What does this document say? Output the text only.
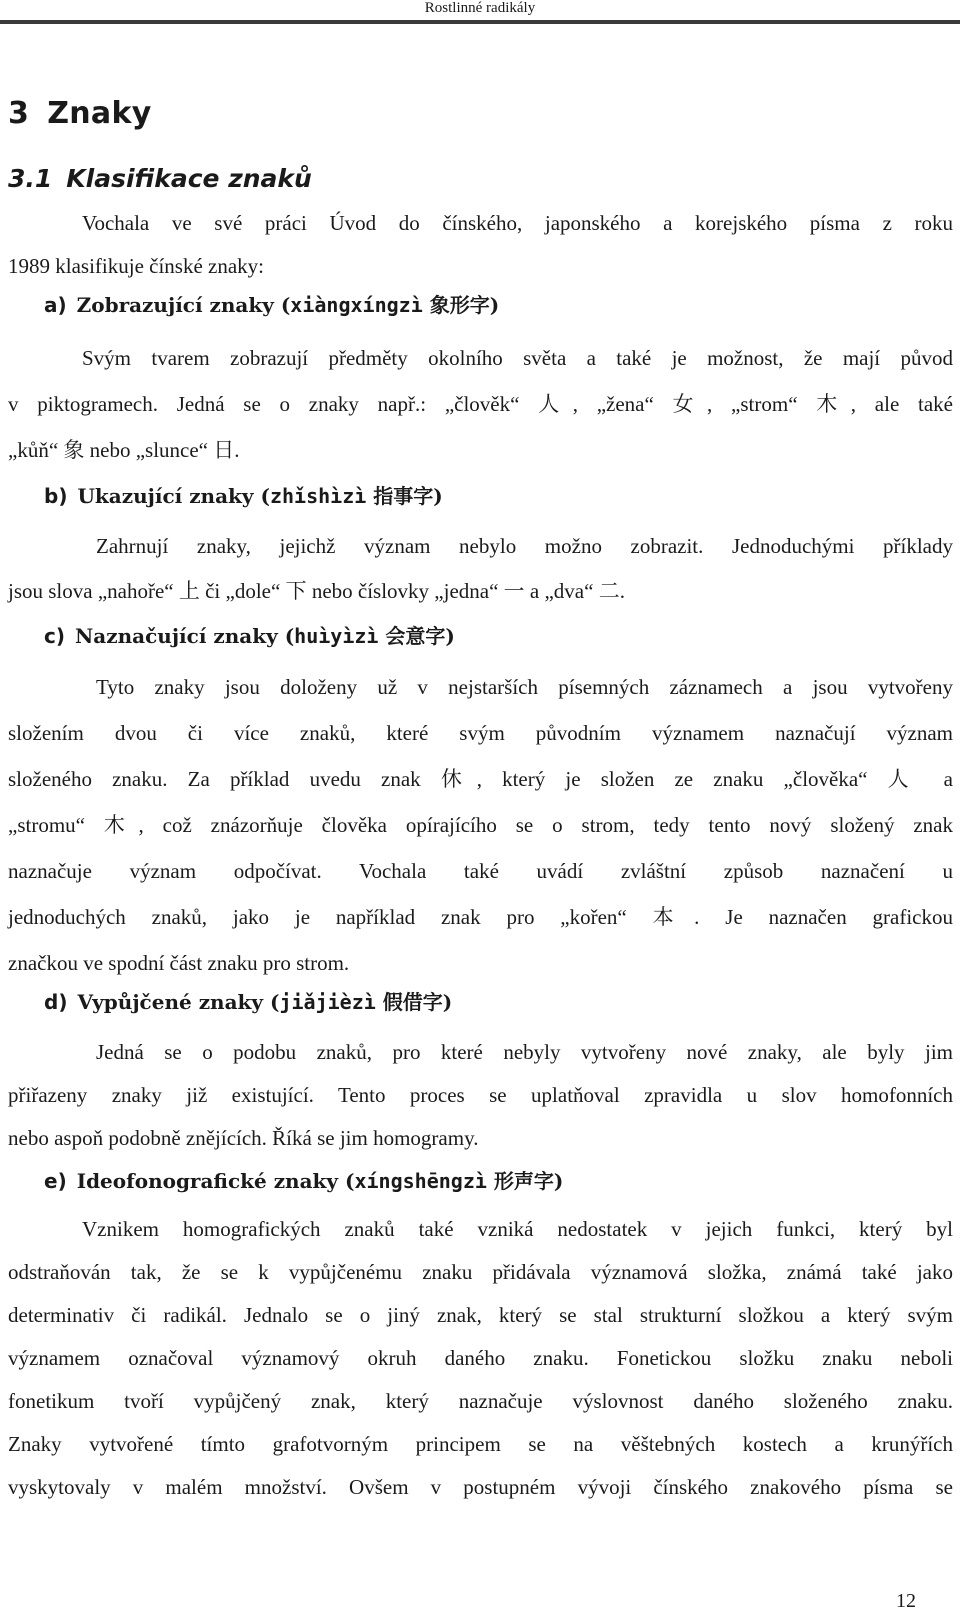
Rostlinné radikály
3 Znaky
3.1 Klasifikace znaků
Vochala ve své práci Úvod do čínského, japonského a korejského písma z roku
1989 klasifikuje čínské znaky:
a) Zobrazující znaky (xiàngxíngzì 象形字)
Svým tvarem zobrazují předměty okolního světa a také je možnost, že mají původ
v piktogramech. Jedná se o znaky např.: „člověk“ 人, „žena“ 女, „strom“ 木, ale také
„kůň“ 象 nebo „slunce“ 日.
b) Ukazující znaky (zhǐshìzì 指事字)
Zahrnují znaky, jejichž význam nebylo možno zobrazit. Jednoduchými příklady
jsou slova „nahoře“ 上 či „dole“ 下 nebo číslovky „jedna“ 一 a „dva“ 二.
c) Naznačující znaky (huìyìzì 会意字)
Tyto znaky jsou doloženy už v nejstarších písemných záznamech a jsou vytvořeny
složením dvou či více znaků, které svým původním významem naznačují význam
složeného znaku. Za příklad uvedu znak 休, který je složen ze znaku „člověka“ 人 a
„stromu“ 木, což znázorňuje člověka opírajícího se o strom, tedy tento nový složený znak
naznačuje význam odpočívat. Vochala také uvádí zvláštní způsob naznačení u
jednoduchých znaků, jako je například znak pro „kořen“ 本. Je naznačen grafickou
značkou ve spodní část znaku pro strom.
d) Vypůjčené znaky (jiǎjièzì 假借字)
Jedná se o podobu znaků, pro které nebyly vytvořeny nové znaky, ale byly jim
přiřazeny znaky již existující. Tento proces se uplatňoval zpravidla u slov homofonních
nebo aspoň podobně znějících. Říká se jim homogramy.
e) Ideofonografické znaky (xíngshēngzì 形声字)
Vznikem homografických znaků také vzniká nedostatek v jejich funkci, který byl
odstraňován tak, že se k vypůjčenému znaku přidávala významová složka, známá také jako
determinativ či radikál. Jednalo se o jiný znak, který se stal strukturní složkou a který svým
významem označoval významový okruh daného znaku. Fonetickou složku znaku neboli
fonetikum tvoří vypůjčený znak, který naznačuje výslovnost daného složeného znaku.
Znaky vytvořené tímto grafotvorným principem se na věštebných kostech a krunýřích
vyskytovaly v malém množství. Ovšem v postupném vývoji čínského znakového písma se
12
